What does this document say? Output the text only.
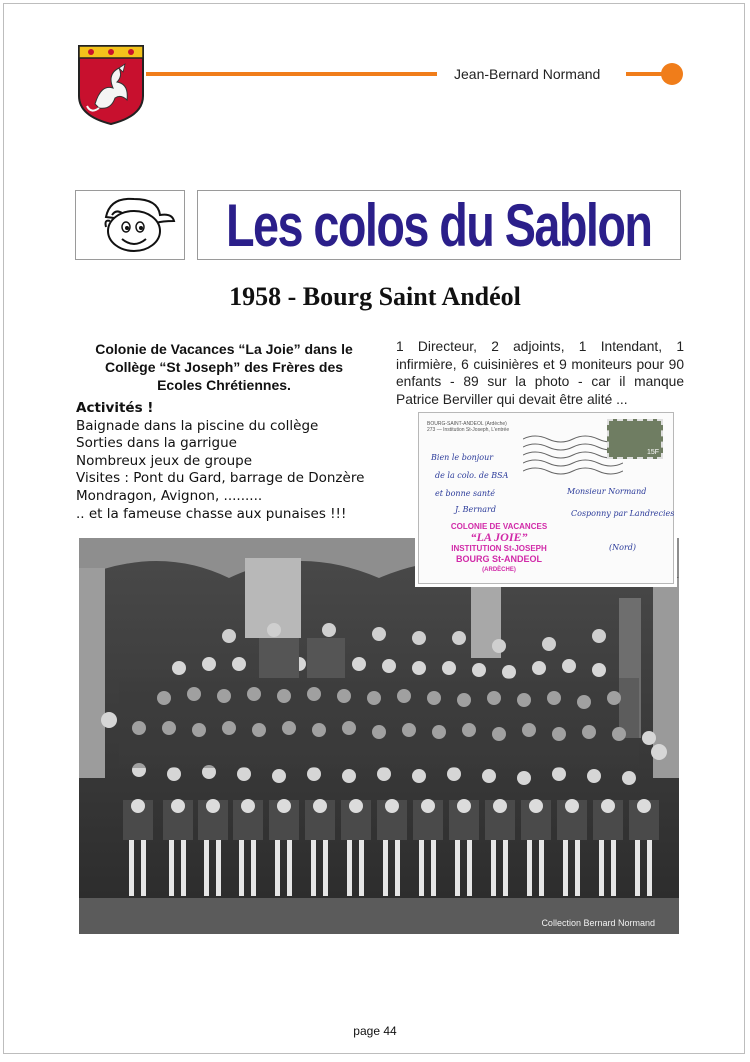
Jean-Bernard Normand
Les colos du Sablon
1958 - Bourg Saint Andéol
Colonie de Vacances “La Joie” dans le
Collège “St Joseph” des Frères des
Ecoles Chrétiennes.
Activités !
Baignade dans la piscine du collège
Sorties dans la garrigue
Nombreux jeux de groupe
Visites : Pont du Gard, barrage de Donzère
Mondragon, Avignon, .........
.. et la fameuse chasse aux punaises !!!
1 Directeur, 2 adjoints, 1 Intendant, 1 infirmière, 6 cuisinières et 9 moniteurs pour 90 enfants - 89 sur la photo - car il manque Patrice Berviller qui devait être alité ...
Collection Bernard Normand
BOURG-SAINT-ANDEOL (Ardèche)
273 — Institution St-Joseph, L'entrée
15F
Bien le bonjour
de la colo. de BSA
et bonne santé
J. Bernard
Monsieur Normand
Cosponny par Landrecies
(Nord)
COLONIE DE VACANCES
“LA JOIE”
INSTITUTION St-JOSEPH
BOURG St-ANDEOL
(ARDÈCHE)
page 44
